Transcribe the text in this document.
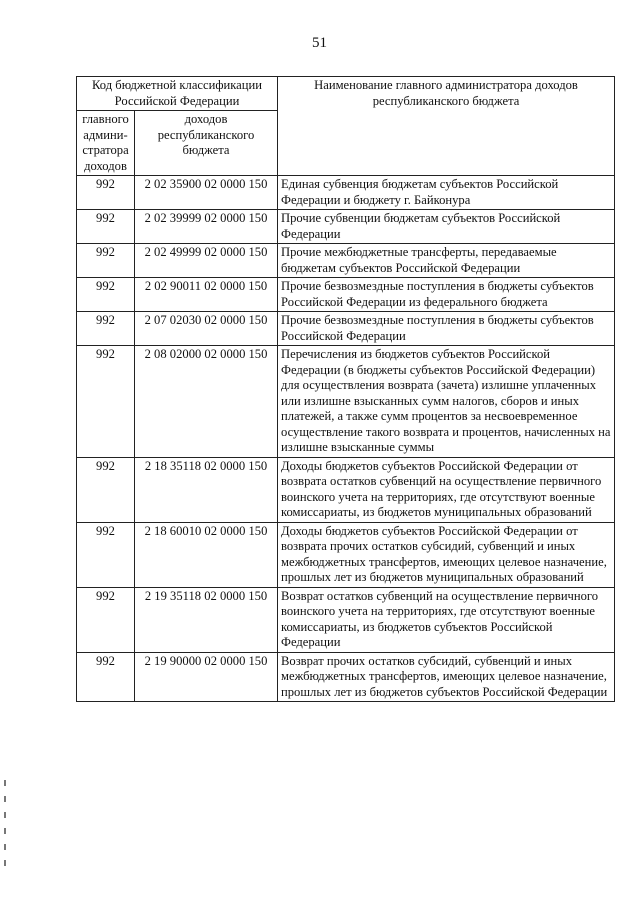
51
Код бюджетной классификации Российской Федерации		Наименование главного администратора доходов республиканского бюджета
главного админи-стратора доходов	доходов республиканского бюджета	
992	2 02 35900 02 0000 150	Единая субвенция бюджетам субъектов Российской Федерации и бюджету г. Байконура
992	2 02 39999 02 0000 150	Прочие субвенции бюджетам субъектов Российской Федерации
992	2 02 49999 02 0000 150	Прочие межбюджетные трансферты, передаваемые бюджетам субъектов Российской Федерации
992	2 02 90011 02 0000 150	Прочие безвозмездные поступления в бюджеты субъектов Российской Федерации из федерального бюджета
992	2 07 02030 02 0000 150	Прочие безвозмездные поступления в бюджеты субъектов Российской Федерации
992	2 08 02000 02 0000 150	Перечисления из бюджетов субъектов Российской Федерации (в бюджеты субъектов Российской Федерации) для осуществления возврата (зачета) излишне уплаченных или излишне взысканных сумм налогов, сборов и иных платежей, а также сумм процентов за несвоевременное осуществление такого возврата и процентов, начисленных на излишне взысканные суммы
992	2 18 35118 02 0000 150	Доходы бюджетов субъектов Российской Федерации от возврата остатков субвенций на осуществление первичного воинского учета на территориях, где отсутствуют военные комиссариаты, из бюджетов муниципальных образований
992	2 18 60010 02 0000 150	Доходы бюджетов субъектов Российской Федерации от возврата прочих остатков субсидий, субвенций и иных межбюджетных трансфертов, имеющих целевое назначение, прошлых лет из бюджетов муниципальных образований
992	2 19 35118 02 0000 150	Возврат остатков субвенций на осуществление первичного воинского учета на территориях, где отсутствуют военные комиссариаты, из бюджетов субъектов Российской Федерации
992	2 19 90000 02 0000 150	Возврат прочих остатков субсидий, субвенций и иных межбюджетных трансфертов, имеющих целевое назначение, прошлых лет из бюджетов субъектов Российской Федерации
